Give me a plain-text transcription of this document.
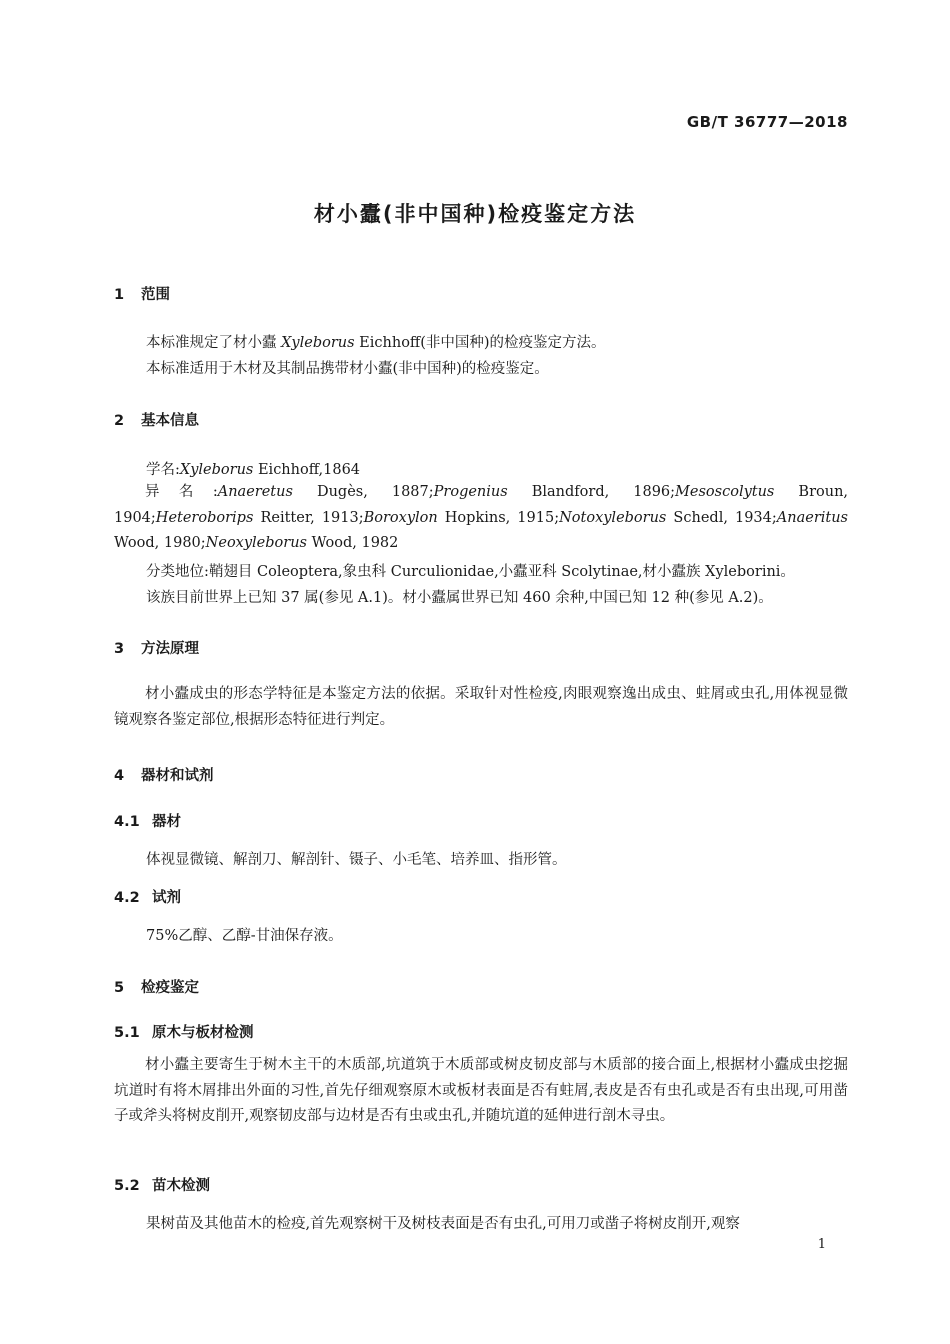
GB/T 36777—2018
材小蠹(非中国种)检疫鉴定方法
1 范围
本标准规定了材小蠹 Xyleborus Eichhoff(非中国种)的检疫鉴定方法。
本标准适用于木材及其制品携带材小蠹(非中国种)的检疫鉴定。
2 基本信息
学名:Xyleborus Eichhoff,1864
异名:Anaeretus Dugès, 1887;Progenius Blandford, 1896;Mesoscolytus Broun, 1904;Heteroborips Reitter, 1913;Boroxylon Hopkins, 1915;Notoxyleborus Schedl, 1934;Anaeritus Wood, 1980;Neoxyleborus Wood, 1982
分类地位:鞘翅目 Coleoptera,象虫科 Curculionidae,小蠹亚科 Scolytinae,材小蠹族 Xyleborini。
该族目前世界上已知 37 属(参见 A.1)。材小蠹属世界已知 460 余种,中国已知 12 种(参见 A.2)。
3 方法原理
材小蠹成虫的形态学特征是本鉴定方法的依据。采取针对性检疫,肉眼观察逸出成虫、蛀屑或虫孔,用体视显微镜观察各鉴定部位,根据形态特征进行判定。
4 器材和试剂
4.1 器材
体视显微镜、解剖刀、解剖针、镊子、小毛笔、培养皿、指形管。
4.2 试剂
75%乙醇、乙醇-甘油保存液。
5 检疫鉴定
5.1 原木与板材检测
材小蠹主要寄生于树木主干的木质部,坑道筑于木质部或树皮韧皮部与木质部的接合面上,根据材小蠹成虫挖掘坑道时有将木屑排出外面的习性,首先仔细观察原木或板材表面是否有蛀屑,表皮是否有虫孔或是否有虫出现,可用凿子或斧头将树皮削开,观察韧皮部与边材是否有虫或虫孔,并随坑道的延伸进行剖木寻虫。
5.2 苗木检测
果树苗及其他苗木的检疫,首先观察树干及树枝表面是否有虫孔,可用刀或凿子将树皮削开,观察
1
